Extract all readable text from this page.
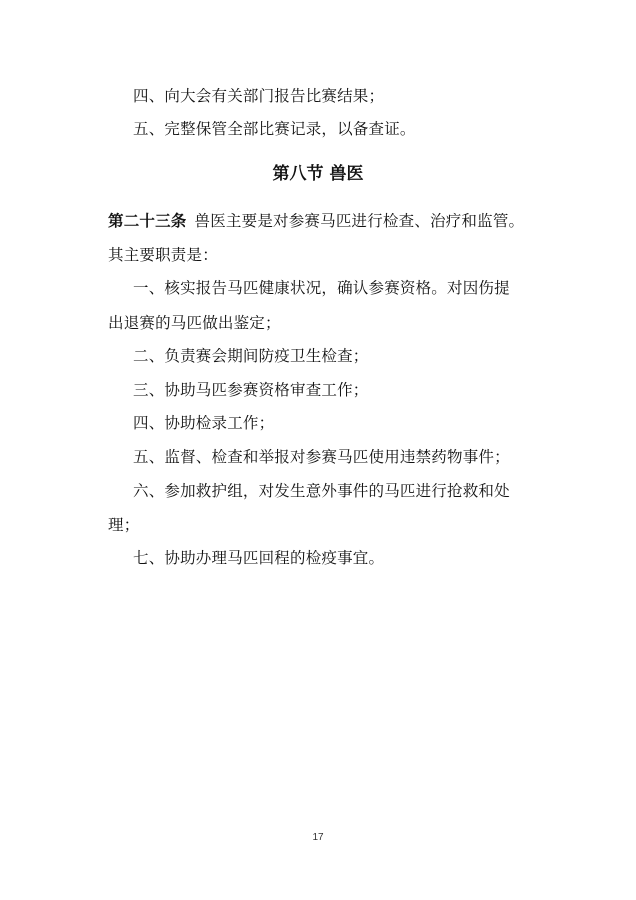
四、向大会有关部门报告比赛结果；
五、完整保管全部比赛记录，以备查证。
第八节 兽医
第二十三条 兽医主要是对参赛马匹进行检查、治疗和监管。
其主要职责是：
一、核实报告马匹健康状况，确认参赛资格。对因伤提
出退赛的马匹做出鉴定；
二、负责赛会期间防疫卫生检查；
三、协助马匹参赛资格审查工作；
四、协助检录工作；
五、监督、检查和举报对参赛马匹使用违禁药物事件；
六、参加救护组，对发生意外事件的马匹进行抢救和处
理；
七、协助办理马匹回程的检疫事宜。
17
